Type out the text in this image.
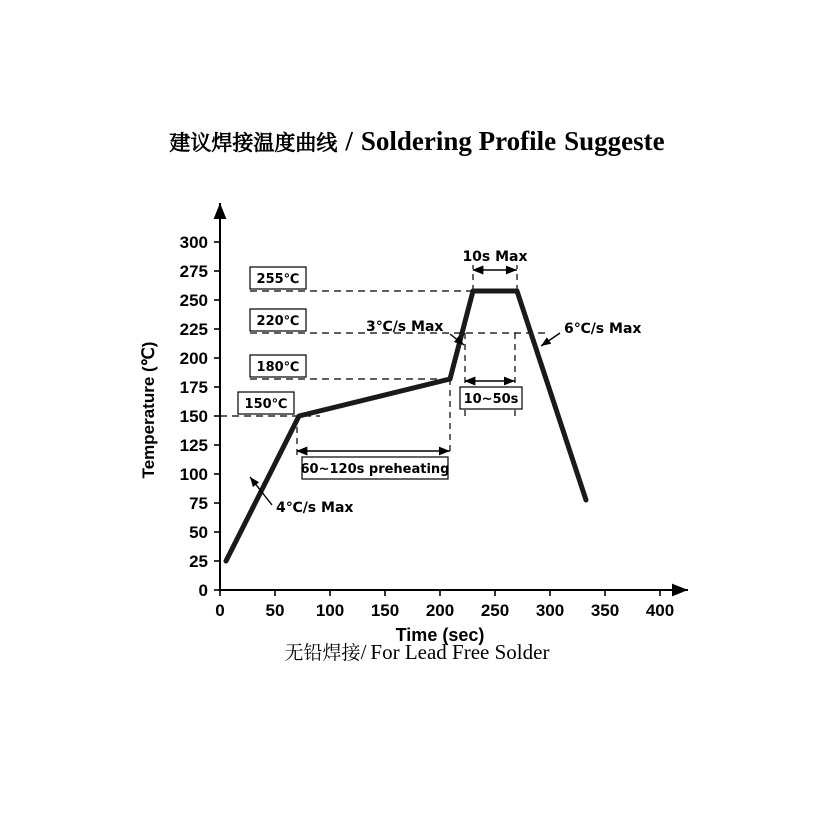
建议焊接温度曲线 / Soldering Profile Suggeste
0
25
50
75
100
125
150
175
200
225
250
275
300
0 50 100 150 200 250 300 350 400
Time (sec)
Temperature (℃)
255℃
220℃
180℃
150℃
4℃/s Max
60~120s preheating
3℃/s Max
10s Max
10~50s
6℃/s Max
无铅焊接/ For Lead Free Solder
